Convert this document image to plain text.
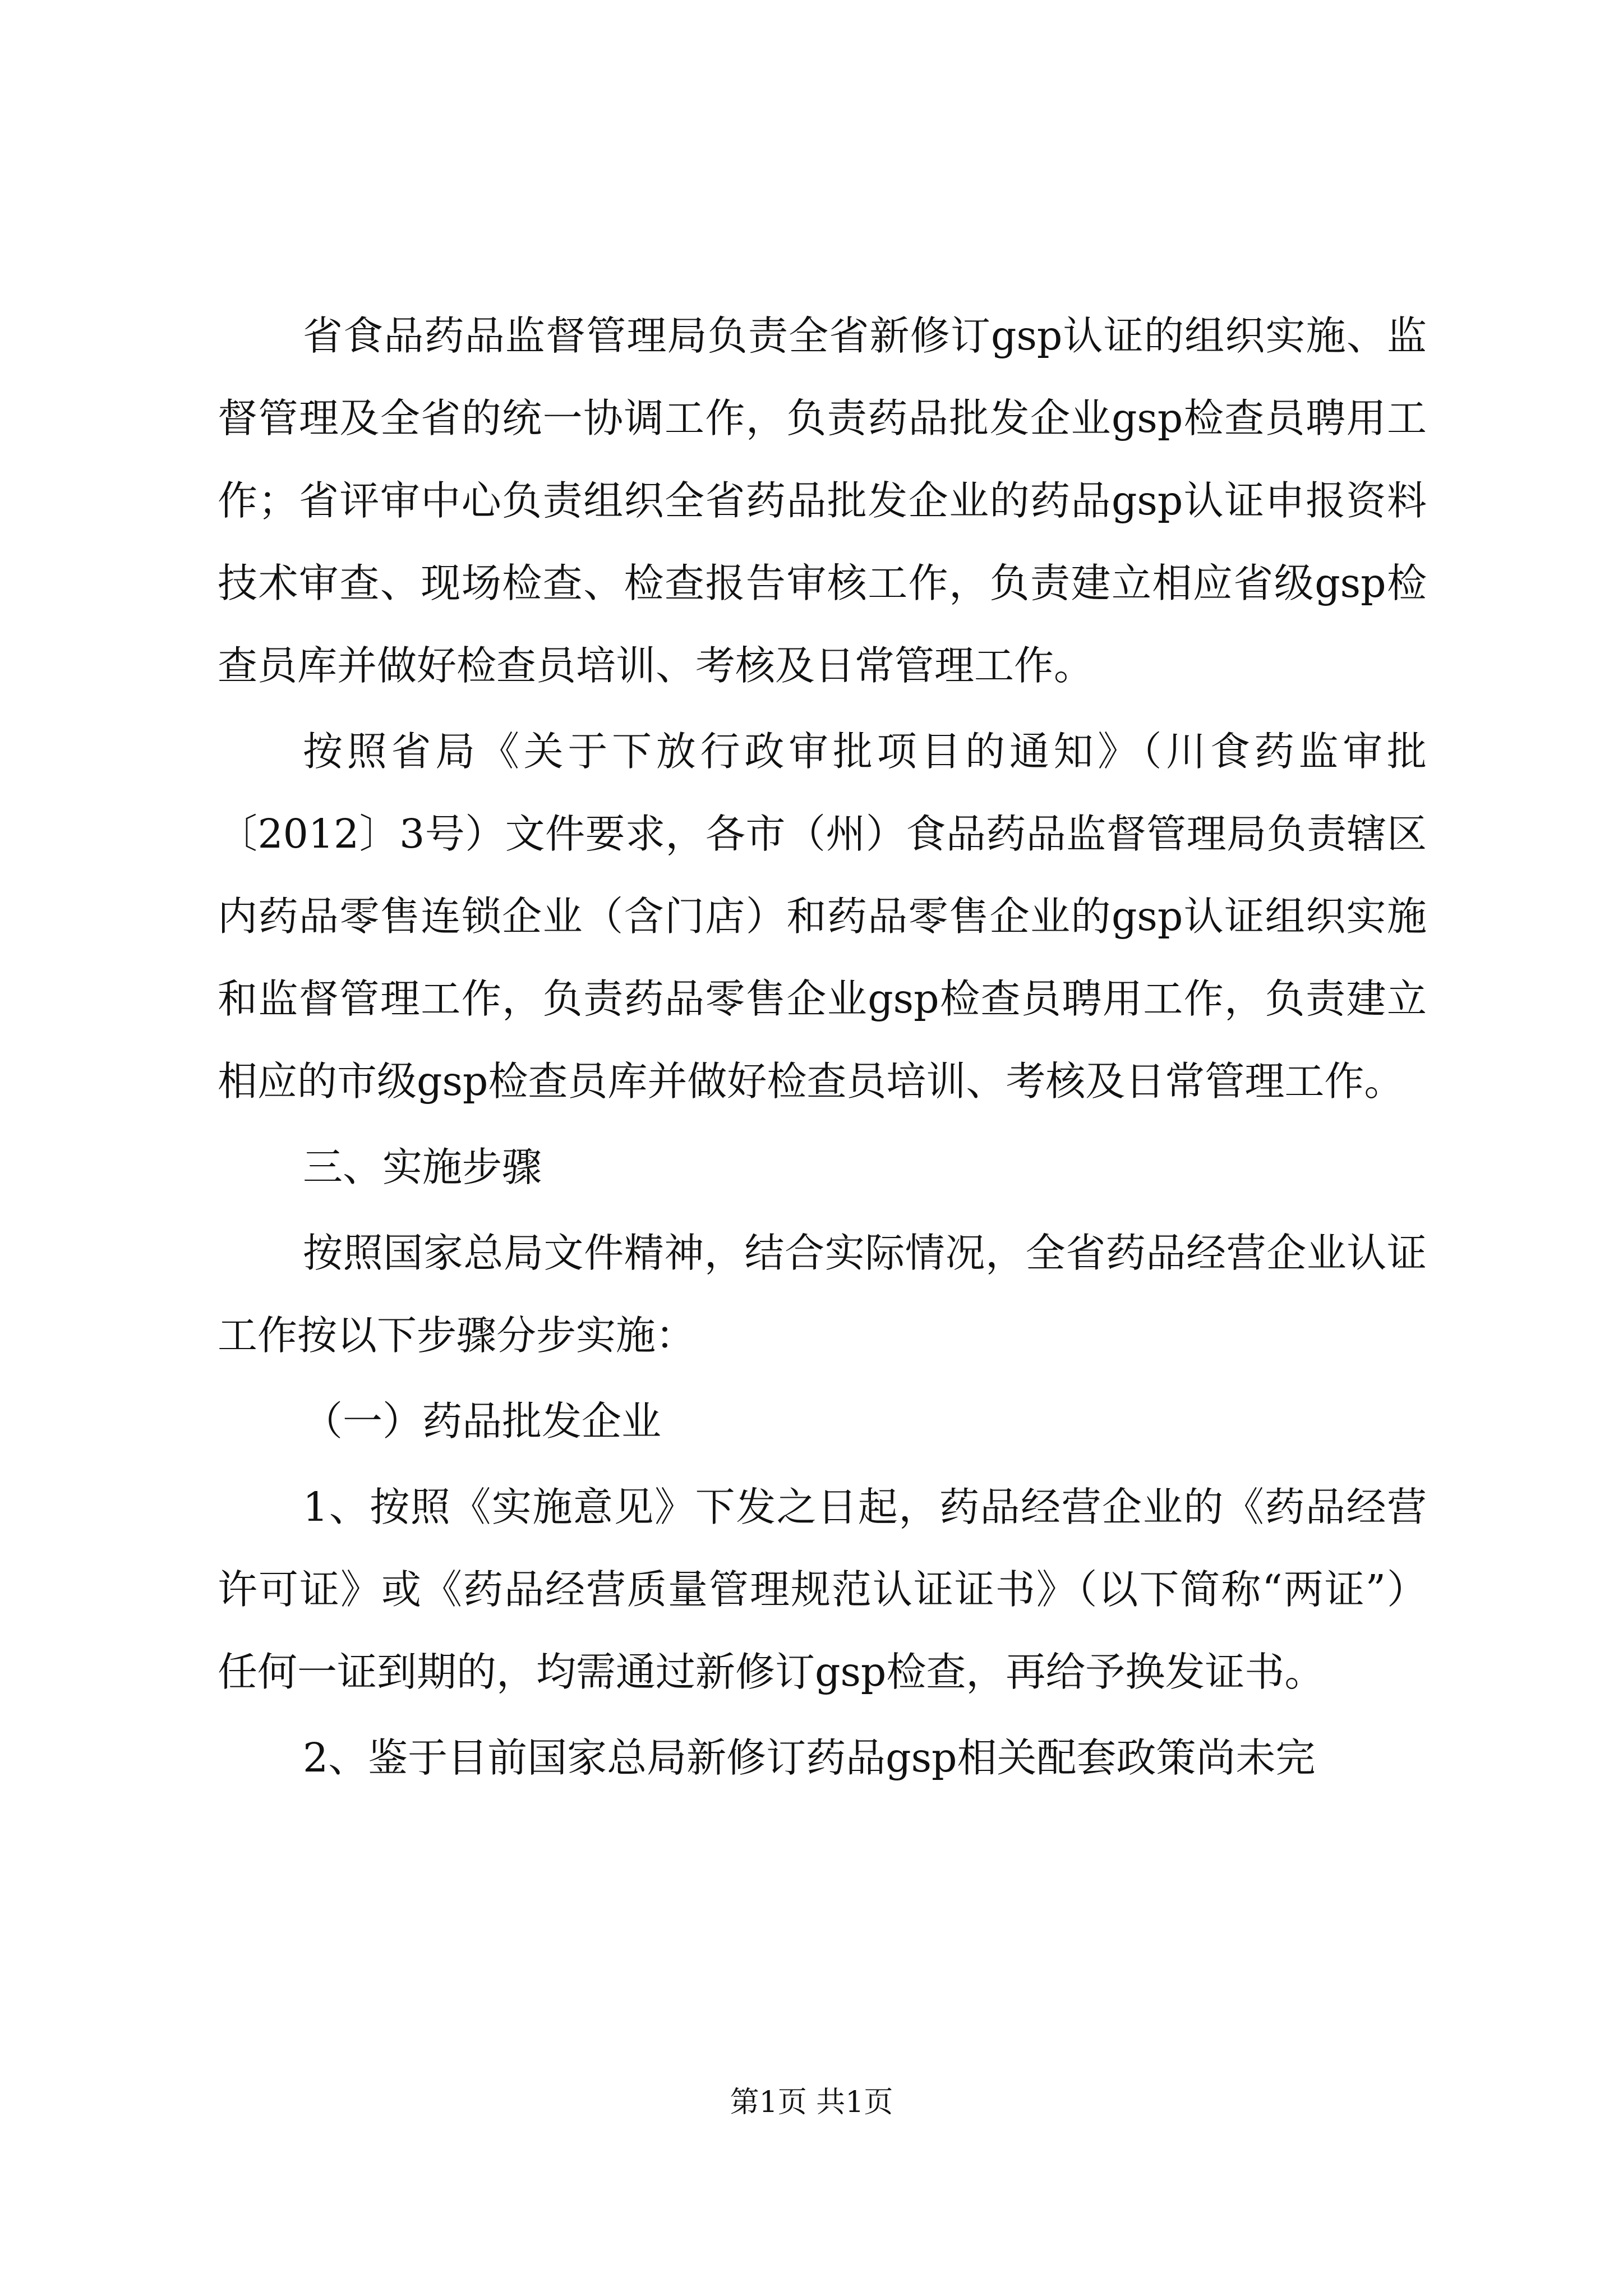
省食品药品监督管理局负责全省新修订gsp认证的组织实施、监督管理及全省的统一协调工作，负责药品批发企业gsp检查员聘用工作；省评审中心负责组织全省药品批发企业的药品gsp认证申报资料技术审查、现场检查、检查报告审核工作，负责建立相应省级gsp检查员库并做好检查员培训、考核及日常管理工作。

按照省局《关于下放行政审批项目的通知》（川食药监审批〔2012〕3号）文件要求，各市（州）食品药品监督管理局负责辖区内药品零售连锁企业（含门店）和药品零售企业的gsp认证组织实施和监督管理工作，负责药品零售企业gsp检查员聘用工作，负责建立相应的市级gsp检查员库并做好检查员培训、考核及日常管理工作。

三、实施步骤

按照国家总局文件精神，结合实际情况，全省药品经营企业认证工作按以下步骤分步实施：

（一）药品批发企业

1、按照《实施意见》下发之日起，药品经营企业的《药品经营许可证》或《药品经营质量管理规范认证证书》（以下简称“两证”）任何一证到期的，均需通过新修订gsp检查，再给予换发证书。

2、鉴于目前国家总局新修订药品gsp相关配套政策尚未完

第1页 共1页
